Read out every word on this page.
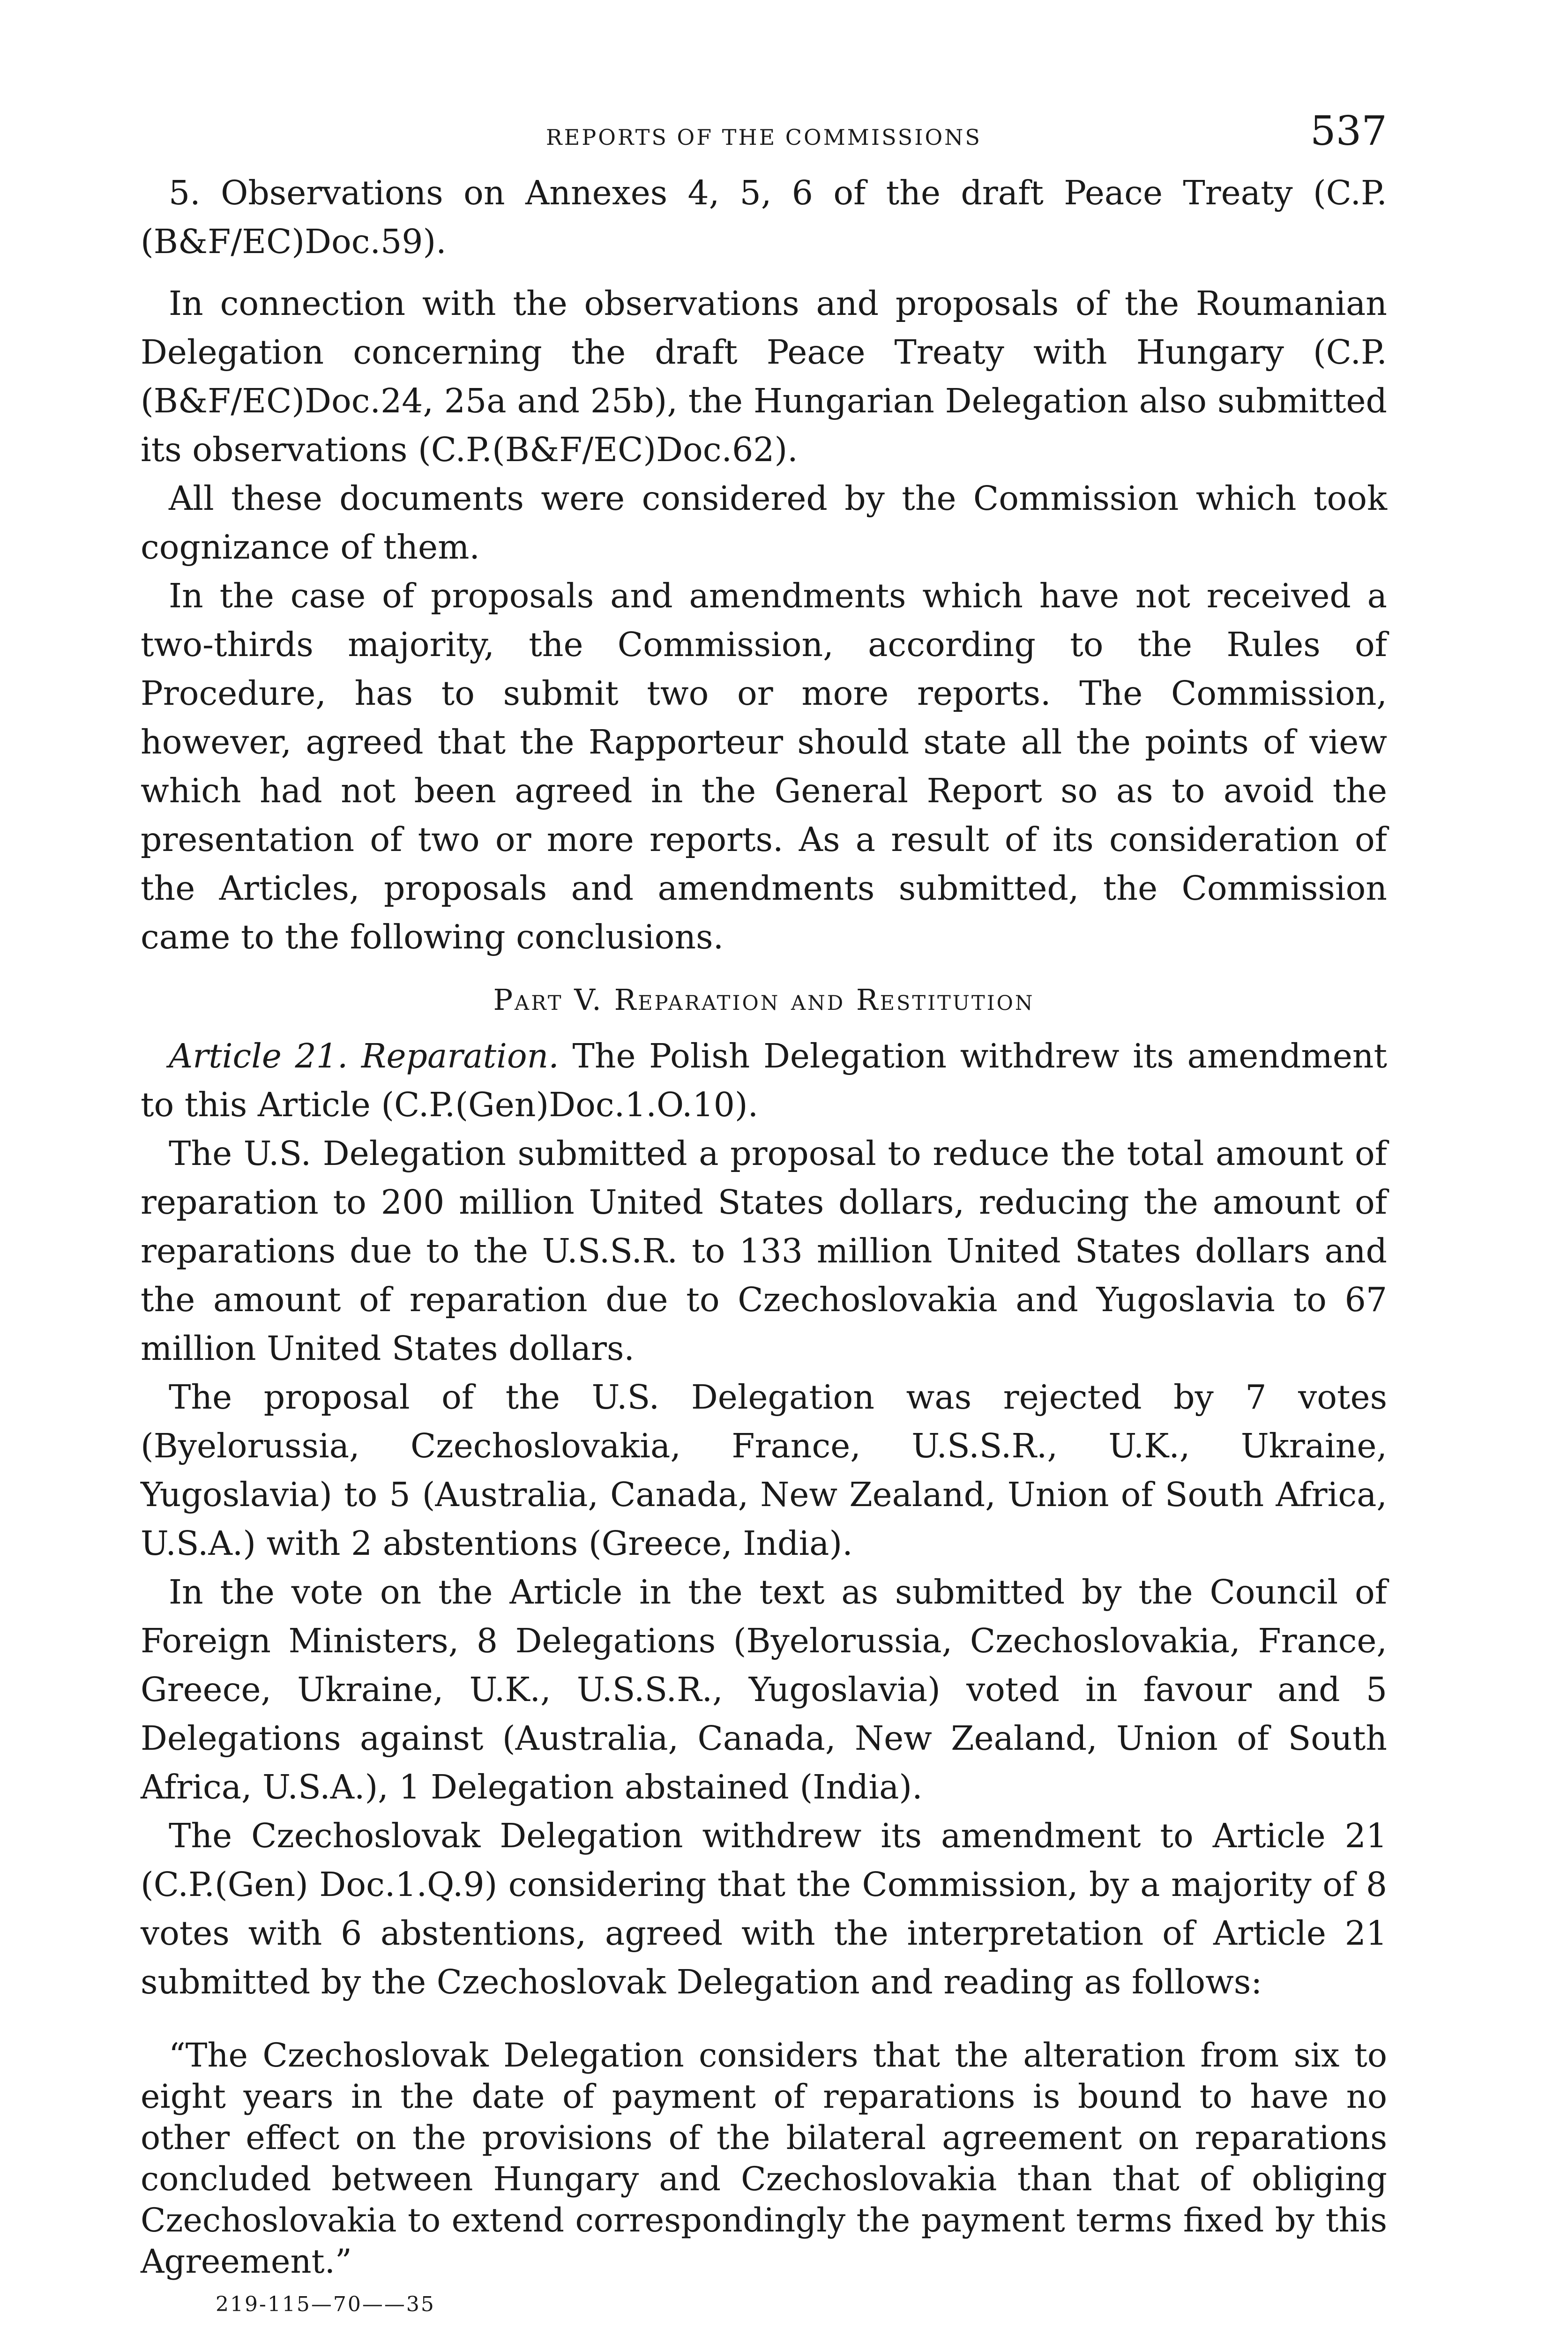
REPORTS OF THE COMMISSIONS	537

5. Observations on Annexes 4, 5, 6 of the draft Peace Treaty (C.P.(B&F/EC)Doc.59).

In connection with the observations and proposals of the Roumanian Delegation concerning the draft Peace Treaty with Hungary (C.P.(B&F/EC)Doc.24, 25a and 25b), the Hungarian Delegation also submitted its observations (C.P.(B&F/EC)Doc.62).

All these documents were considered by the Commission which took cognizance of them.

In the case of proposals and amendments which have not received a two-thirds majority, the Commission, according to the Rules of Procedure, has to submit two or more reports. The Commission, however, agreed that the Rapporteur should state all the points of view which had not been agreed in the General Report so as to avoid the presentation of two or more reports. As a result of its consideration of the Articles, proposals and amendments submitted, the Commission came to the following conclusions.

Part V. Reparation and Restitution

Article 21. Reparation. The Polish Delegation withdrew its amendment to this Article (C.P.(Gen)Doc.1.O.10).

The U.S. Delegation submitted a proposal to reduce the total amount of reparation to 200 million United States dollars, reducing the amount of reparations due to the U.S.S.R. to 133 million United States dollars and the amount of reparation due to Czechoslovakia and Yugoslavia to 67 million United States dollars.

The proposal of the U.S. Delegation was rejected by 7 votes (Byelorussia, Czechoslovakia, France, U.S.S.R., U.K., Ukraine, Yugoslavia) to 5 (Australia, Canada, New Zealand, Union of South Africa, U.S.A.) with 2 abstentions (Greece, India).

In the vote on the Article in the text as submitted by the Council of Foreign Ministers, 8 Delegations (Byelorussia, Czechoslovakia, France, Greece, Ukraine, U.K., U.S.S.R., Yugoslavia) voted in favour and 5 Delegations against (Australia, Canada, New Zealand, Union of South Africa, U.S.A.), 1 Delegation abstained (India).

The Czechoslovak Delegation withdrew its amendment to Article 21 (C.P.(Gen) Doc.1.Q.9) considering that the Commission, by a majority of 8 votes with 6 abstentions, agreed with the interpretation of Article 21 submitted by the Czechoslovak Delegation and reading as follows:

“The Czechoslovak Delegation considers that the alteration from six to eight years in the date of payment of reparations is bound to have no other effect on the provisions of the bilateral agreement on reparations concluded between Hungary and Czechoslovakia than that of obliging Czechoslovakia to extend correspondingly the payment terms fixed by this Agreement.”

219-115—70——35
